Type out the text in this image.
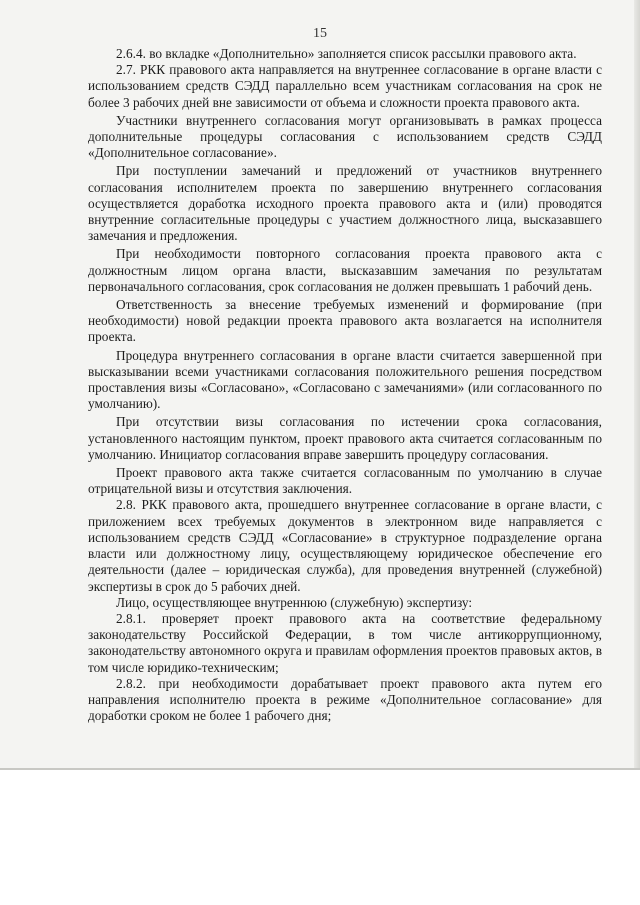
15

2.6.4. во вкладке «Дополнительно» заполняется список рассылки правового акта.

2.7. РКК правового акта направляется на внутреннее согласование в органе власти с использованием средств СЭДД параллельно всем участникам согласования на срок не более 3 рабочих дней вне зависимости от объема и сложности проекта правового акта.

Участники внутреннего согласования могут организовывать в рамках процесса дополнительные процедуры согласования с использованием средств СЭДД «Дополнительное согласование».

При поступлении замечаний и предложений от участников внутреннего согласования исполнителем проекта по завершению внутреннего согласования осуществляется доработка исходного проекта правового акта и (или) проводятся внутренние согласительные процедуры с участием должностного лица, высказавшего замечания и предложения.

При необходимости повторного согласования проекта правового акта с должностным лицом органа власти, высказавшим замечания по результатам первоначального согласования, срок согласования не должен превышать 1 рабочий день.

Ответственность за внесение требуемых изменений и формирование (при необходимости) новой редакции проекта правового акта возлагается на исполнителя проекта.

Процедура внутреннего согласования в органе власти считается завершенной при высказывании всеми участниками согласования положительного решения посредством проставления визы «Согласовано», «Согласовано с замечаниями» (или согласованного по умолчанию).

При отсутствии визы согласования по истечении срока согласования, установленного настоящим пунктом, проект правового акта считается согласованным по умолчанию. Инициатор согласования вправе завершить процедуру согласования.

Проект правового акта также считается согласованным по умолчанию в случае отрицательной визы и отсутствия заключения.

2.8. РКК правового акта, прошедшего внутреннее согласование в органе власти, с приложением всех требуемых документов в электронном виде направляется с использованием средств СЭДД «Согласование» в структурное подразделение органа власти или должностному лицу, осуществляющему юридическое обеспечение его деятельности (далее – юридическая служба), для проведения внутренней (служебной) экспертизы в срок до 5 рабочих дней.

Лицо, осуществляющее внутреннюю (служебную) экспертизу:

2.8.1. проверяет проект правового акта на соответствие федеральному законодательству Российской Федерации, в том числе антикоррупционному, законодательству автономного округа и правилам оформления проектов правовых актов, в том числе юридико-техническим;

2.8.2. при необходимости дорабатывает проект правового акта путем его направления исполнителю проекта в режиме «Дополнительное согласование» для доработки сроком не более 1 рабочего дня;
